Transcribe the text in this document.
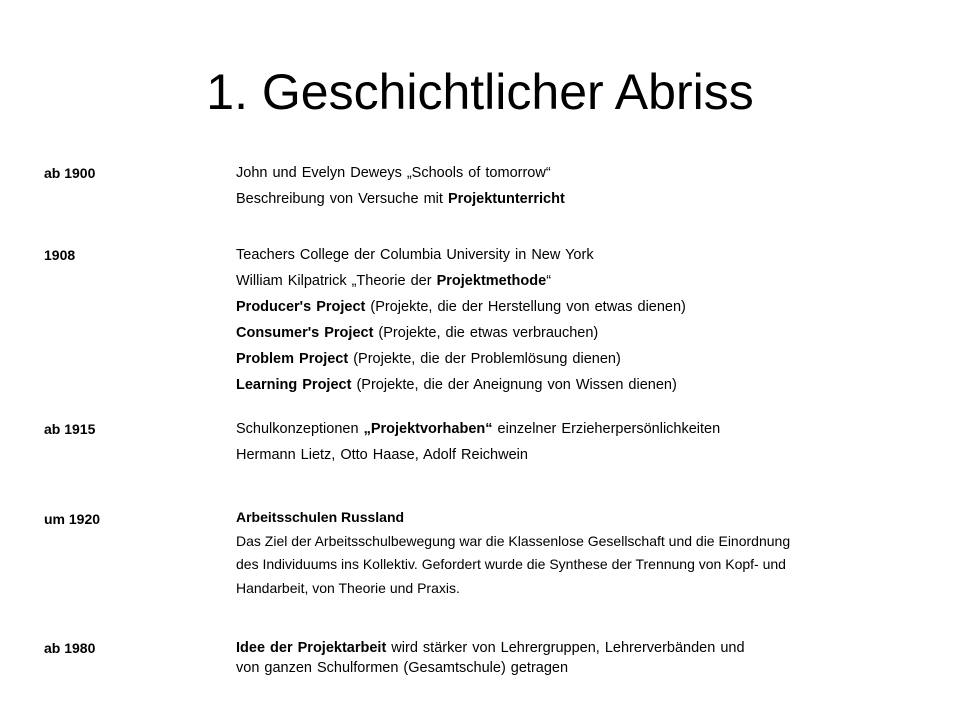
1. Geschichtlicher Abriss
ab 1900	John und Evelyn Deweys „Schools of tomorrow“
Beschreibung von Versuche mit Projektunterricht
1908	Teachers College der Columbia University in New York
William Kilpatrick „Theorie der Projektmethode“
Producer's Project (Projekte, die der Herstellung von etwas dienen)
Consumer's Project (Projekte, die etwas verbrauchen)
Problem Project (Projekte, die der Problemlösung dienen)
Learning Project (Projekte, die der Aneignung von Wissen dienen)
ab 1915	Schulkonzeptionen „Projektvorhaben“ einzelner Erzieherpersönlichkeiten
Hermann Lietz, Otto Haase, Adolf Reichwein
um 1920	Arbeitsschulen Russland
Das Ziel der Arbeitsschulbewegung war die Klassenlose Gesellschaft und die Einordnung
des Individuums ins Kollektiv. Gefordert wurde die Synthese der Trennung von Kopf- und
Handarbeit, von Theorie und Praxis.
ab 1980	Idee der Projektarbeit wird stärker von Lehrergruppen, Lehrerverbänden und
von ganzen Schulformen (Gesamtschule) getragen
